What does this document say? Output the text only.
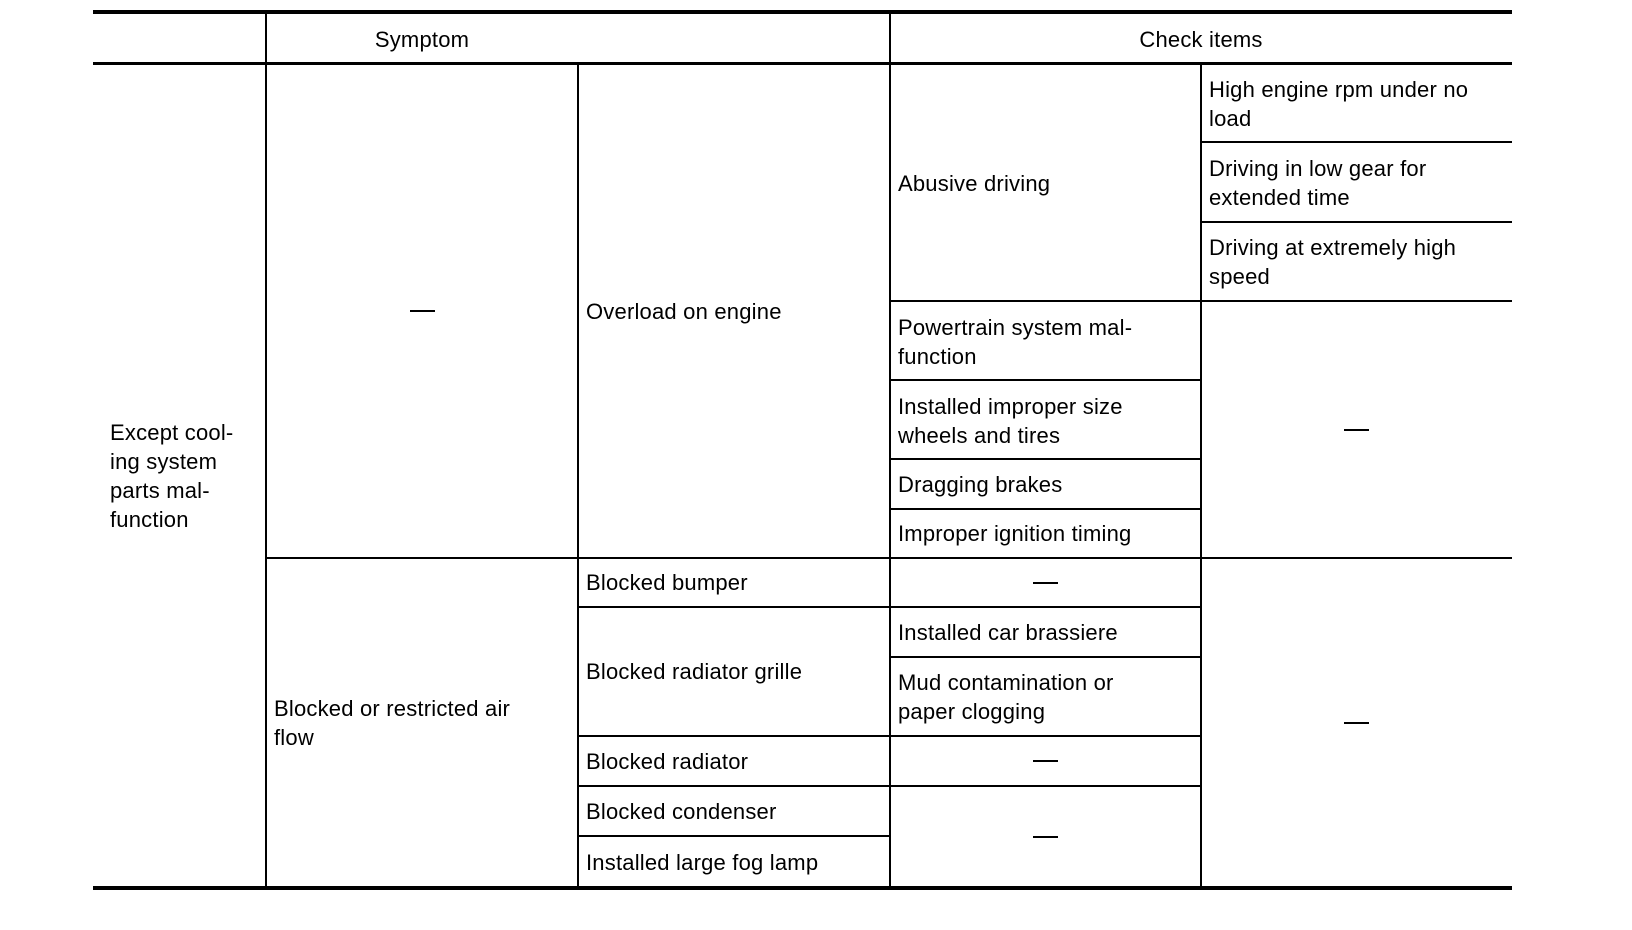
Symptom	Check items
Except cool-
ing system
parts mal-
function
Overload on engine
Abusive driving
High engine rpm under no
load
Driving in low gear for
extended time
Driving at extremely high
speed
Powertrain system mal-
function
Installed improper size
wheels and tires
Dragging brakes
Improper ignition timing
Blocked or restricted air
flow
Blocked bumper
Blocked radiator grille
Blocked radiator
Blocked condenser
Installed large fog lamp
Installed car brassiere
Mud contamination or
paper clogging
